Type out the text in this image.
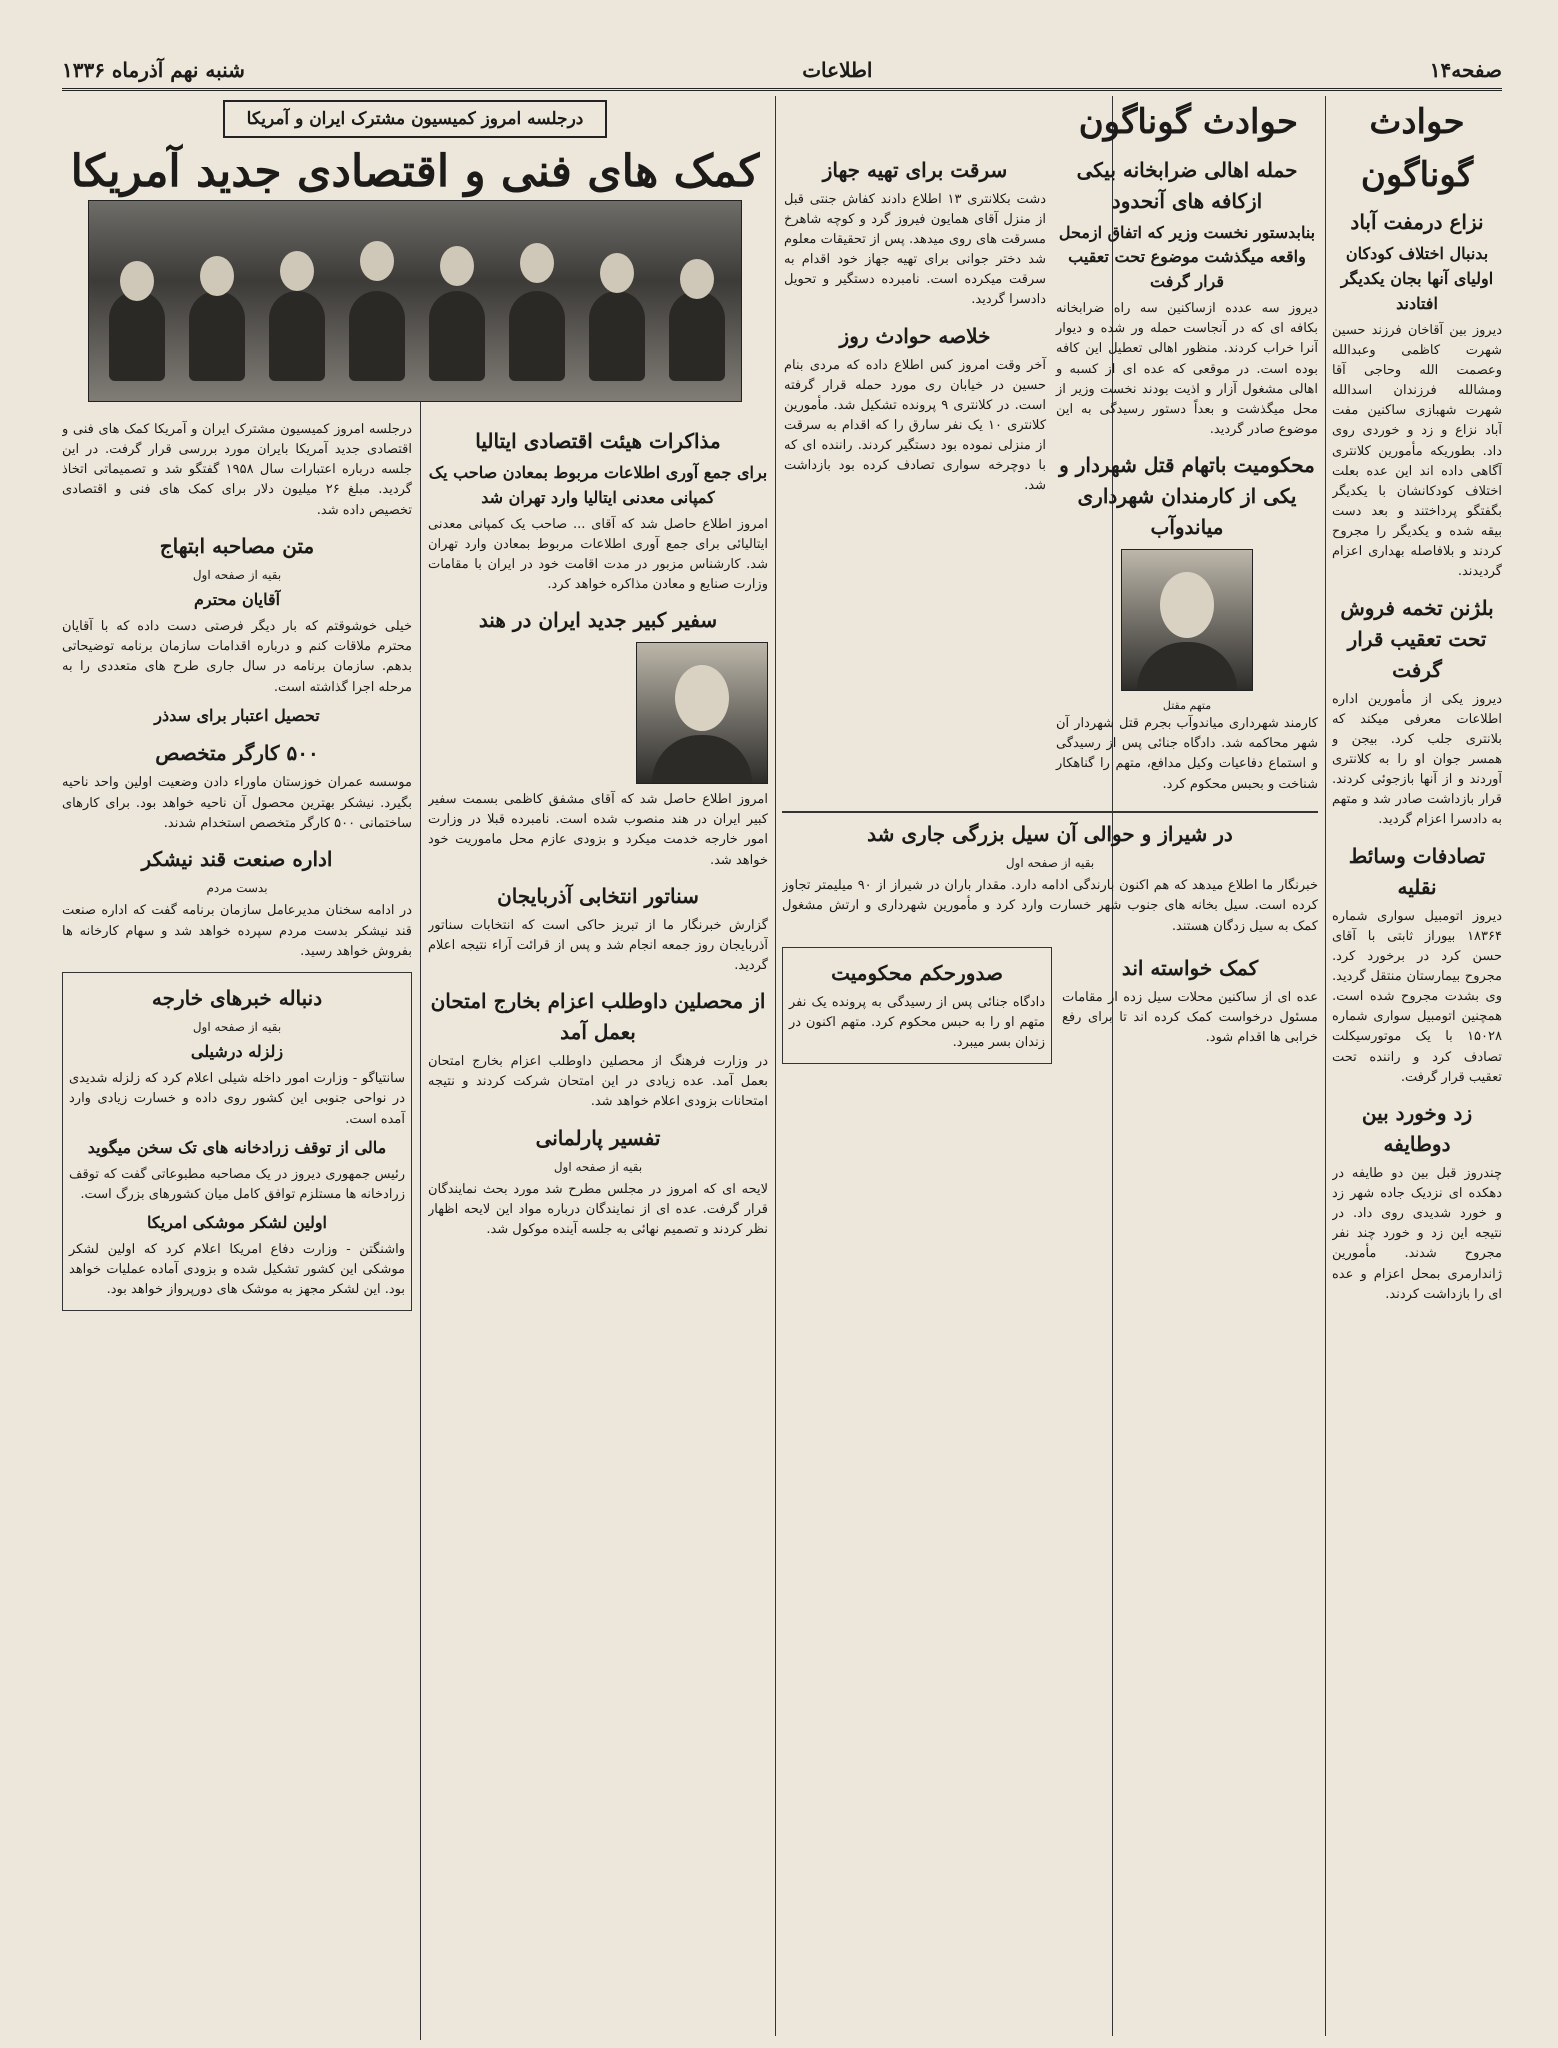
صفحه۱۴
اطلاعات
شنبه نهم آذرماه ۱۳۳۶
حوادث گوناگون
نزاع درمفت آباد
بدنبال اختلاف کودکان اولیای آنها بجان یکدیگر افتادند

دیروز بین آقاخان فرزند حسین شهرت کاظمی وعبدالله وعصمت الله وحاجی آقا ومشالله فرزندان اسدالله شهرت شهبازی ساکنین مفت آباد نزاع و زد و خوردی روی داد. بطوریکه مأمورین کلانتری آگاهی داده اند این عده بعلت اختلاف کودکانشان با یکدیگر بگفتگو پرداختند و بعد دست بیقه شده و یکدیگر را مجروح کردند و بلافاصله بهداری اعزام گردیدند.

بلژنن تخمه فروش تحت تعقیب قرار گرفت

دیروز یکی از مأمورین اداره اطلاعات معرفی میکند که بلانتری جلب کرد. بیجن و همسر جوان او را به کلانتری آوردند و از آنها بازجوئی کردند. قرار بازداشت صادر شد و متهم به دادسرا اعزام گردید.

تصادفات وسائط نقلیه

دیروز اتومبیل سواری شماره ۱۸۳۶۴ بیوراز ثابتی با آقای حسن کرد در برخورد کرد. مجروح بیمارستان منتقل گردید. وی بشدت مجروح شده است. همچنین اتومبیل سواری شماره ۱۵۰۲۸ با یک موتورسیکلت تصادف کرد و راننده تحت تعقیب قرار گرفت.

زد وخورد بین دوطایفه

چندروز قبل بین دو طایفه در دهکده ای نزدیک جاده شهر زد و خورد شدیدی روی داد. در نتیجه این زد و خورد چند نفر مجروح شدند. مأمورین ژاندارمری بمحل اعزام و عده ای را بازداشت کردند.

حوادث گوناگون
حمله اهالی ضرابخانه بیکی ازکافه های آنحدود
بنابدستور نخست وزیر که اتفاق ازمحل واقعه میگذشت موضوع تحت تعقیب قرار گرفت

دیروز سه عدده ازساکنین سه راه ضرابخانه بکافه ای که در آنجاست حمله ور شده و دیوار آنرا خراب کردند. منظور اهالی تعطیل این کافه بوده است. در موقعی که عده ای از کسبه و اهالی مشغول آزار و اذیت بودند نخست وزیر از محل میگذشت و بعداً دستور رسیدگی به این موضوع صادر گردید.

محکومیت باتهام قتل شهردار و یکی از کارمندان شهرداری میاندوآب
متهم مقتل

کارمند شهرداری میاندوآب بجرم قتل شهردار آن شهر محاکمه شد. دادگاه جنائی پس از رسیدگی و استماع دفاعیات وکیل مدافع، متهم را گناهکار شناخت و بحبس محکوم کرد.

سرقت برای تهیه جهاز

دشت بکلانتری ۱۳ اطلاع دادند کفاش جنتی قبل از منزل آقای همایون فیروز گرد و کوچه شاهرخ مسرقت های روی میدهد. پس از تحقیقات معلوم شد دختر جوانی برای تهیه جهاز خود اقدام به سرقت میکرده است. نامبرده دستگیر و تحویل دادسرا گردید.

خلاصه حوادث روز

آخر وقت امروز کس اطلاع داده که مردی بنام حسین در خیابان ری مورد حمله قرار گرفته است. در کلانتری ۹ پرونده تشکیل شد. مأمورین کلانتری ۱۰ یک نفر سارق را که اقدام به سرقت از منزلی نموده بود دستگیر کردند. راننده ای که با دوچرخه سواری تصادف کرده بود بازداشت شد.

در شیراز و حوالی آن سیل بزرگی جاری شد
بقیه از صفحه اول

خبرنگار ما اطلاع میدهد که هم اکنون بارندگی ادامه دارد. مقدار باران در شیراز از ۹۰ میلیمتر تجاوز کرده است. سیل بخانه های جنوب شهر خسارت وارد کرد و مأمورین شهرداری و ارتش مشغول کمک به سیل زدگان هستند.

کمک خواسته اند

عده ای از ساکنین محلات سیل زده از مقامات مسئول درخواست کمک کرده اند تا برای رفع خرابی ها اقدام شود.

صدورحکم محکومیت

دادگاه جنائی پس از رسیدگی به پرونده یک نفر متهم او را به حبس محکوم کرد. متهم اکنون در زندان بسر میبرد.

درجلسه امروز کمیسیون مشترک ایران و آمریکا
کمک های فنی و اقتصادی جدید آمریکا
مذاکرات هیئت اقتصادی ایتالیا
برای جمع آوری اطلاعات مربوط بمعادن صاحب یک کمپانی معدنی ایتالیا وارد تهران شد

امروز اطلاع حاصل شد که آقای ... صاحب یک کمپانی معدنی ایتالیائی برای جمع آوری اطلاعات مربوط بمعادن وارد تهران شد. کارشناس مزبور در مدت اقامت خود در ایران با مقامات وزارت صنایع و معادن مذاکره خواهد کرد.

سفیر کبیر جدید ایران در هند

امروز اطلاع حاصل شد که آقای مشفق کاظمی بسمت سفیر کبیر ایران در هند منصوب شده است. نامبرده قبلا در وزارت امور خارجه خدمت میکرد و بزودی عازم محل ماموریت خود خواهد شد.

سناتور انتخابی آذربایجان

گزارش خبرنگار ما از تبریز حاکی است که انتخابات سناتور آذربایجان روز جمعه انجام شد و پس از قرائت آراء نتیجه اعلام گردید.

از محصلین داوطلب اعزام بخارج امتحان بعمل آمد

در وزارت فرهنگ از محصلین داوطلب اعزام بخارج امتحان بعمل آمد. عده زیادی در این امتحان شرکت کردند و نتیجه امتحانات بزودی اعلام خواهد شد.

تفسیر پارلمانی
بقیه از صفحه اول

لایحه ای که امروز در مجلس مطرح شد مورد بحث نمایندگان قرار گرفت. عده ای از نمایندگان درباره مواد این لایحه اظهار نظر کردند و تصمیم نهائی به جلسه آینده موکول شد.

درجلسه امروز کمیسیون مشترک ایران و آمریکا کمک های فنی و اقتصادی جدید آمریکا بایران مورد بررسی قرار گرفت. در این جلسه درباره اعتبارات سال ۱۹۵۸ گفتگو شد و تصمیماتی اتخاذ گردید. مبلغ ۲۶ میلیون دلار برای کمک های فنی و اقتصادی تخصیص داده شد.

متن مصاحبه ابتهاج
بقیه از صفحه اول
آقایان محترم

خیلی خوشوقتم که بار دیگر فرصتی دست داده که با آقایان محترم ملاقات کنم و درباره اقدامات سازمان برنامه توضیحاتی بدهم. سازمان برنامه در سال جاری طرح های متعددی را به مرحله اجرا گذاشته است.

تحصیل اعتبار برای سدذر
۵۰۰ کارگر متخصص

موسسه عمران خوزستان ماوراء دادن وضعیت اولین واحد ناحیه بگیرد. نیشکر بهترین محصول آن ناحیه خواهد بود. برای کارهای ساختمانی ۵۰۰ کارگر متخصص استخدام شدند.

اداره صنعت قند نیشکر
بدست مردم

در ادامه سخنان مدیرعامل سازمان برنامه گفت که اداره صنعت قند نیشکر بدست مردم سپرده خواهد شد و سهام کارخانه ها بفروش خواهد رسید.

دنباله خبرهای خارجه
بقیه از صفحه اول
زلزله درشیلی

سانتیاگو - وزارت امور داخله شیلی اعلام کرد که زلزله شدیدی در نواحی جنوبی این کشور روی داده و خسارت زیادی وارد آمده است.

مالی از توقف زرادخانه های تک سخن میگوید

رئیس جمهوری دیروز در یک مصاحبه مطبوعاتی گفت که توقف زرادخانه ها مستلزم توافق کامل میان کشورهای بزرگ است.

اولین لشکر موشکی امریکا

واشنگتن - وزارت دفاع امریکا اعلام کرد که اولین لشکر موشکی این کشور تشکیل شده و بزودی آماده عملیات خواهد بود. این لشکر مجهز به موشک های دورپرواز خواهد بود.
